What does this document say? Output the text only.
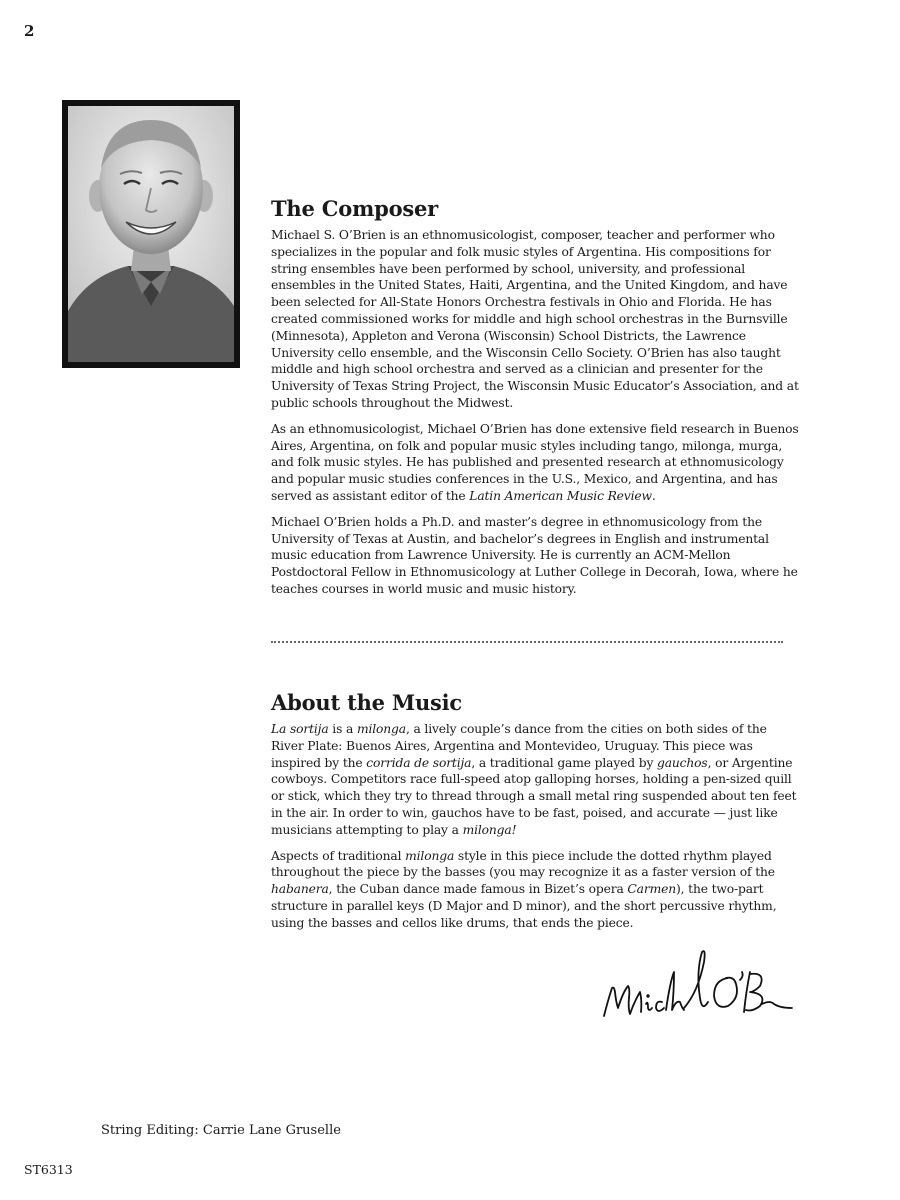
2
The Composer

Michael S. O’Brien is an ethnomusicologist, composer, teacher and performer who specializes in the popular and folk music styles of Argentina. His compositions for string ensembles have been performed by school, university, and professional ensembles in the United States, Haiti, Argentina, and the United Kingdom, and have been selected for All-State Honors Orchestra festivals in Ohio and Florida. He has created commissioned works for middle and high school orchestras in the Burnsville (Minnesota), Appleton and Verona (Wisconsin) School Districts, the Lawrence University cello ensemble, and the Wisconsin Cello Society. O’Brien has also taught middle and high school orchestra and served as a clinician and presenter for the University of Texas String Project, the Wisconsin Music Educator’s Association, and at public schools throughout the Midwest.

As an ethnomusicologist, Michael O’Brien has done extensive field research in Buenos Aires, Argentina, on folk and popular music styles including tango, milonga, murga, and folk music styles. He has published and presented research at ethnomusicology and popular music studies conferences in the U.S., Mexico, and Argentina, and has served as assistant editor of the Latin American Music Review.

Michael O’Brien holds a Ph.D. and master’s degree in ethnomusicology from the University of Texas at Austin, and bachelor’s degrees in English and instrumental music education from Lawrence University. He is currently an ACM-Mellon Postdoctoral Fellow in Ethnomusicology at Luther College in Decorah, Iowa, where he teaches courses in world music and music history.

About the Music

La sortija is a milonga, a lively couple’s dance from the cities on both sides of the River Plate: Buenos Aires, Argentina and Montevideo, Uruguay. This piece was inspired by the corrida de sortija, a traditional game played by gauchos, or Argentine cowboys. Competitors race full-speed atop galloping horses, holding a pen-sized quill or stick, which they try to thread through a small metal ring suspended about ten feet in the air. In order to win, gauchos have to be fast, poised, and accurate — just like musicians attempting to play a milonga!

Aspects of traditional milonga style in this piece include the dotted rhythm played throughout the piece by the basses (you may recognize it as a faster version of the habanera, the Cuban dance made famous in Bizet’s opera Carmen), the two-part structure in parallel keys (D Major and D minor), and the short percussive rhythm, using the basses and cellos like drums, that ends the piece.

String Editing: Carrie Lane Gruselle
ST6313
